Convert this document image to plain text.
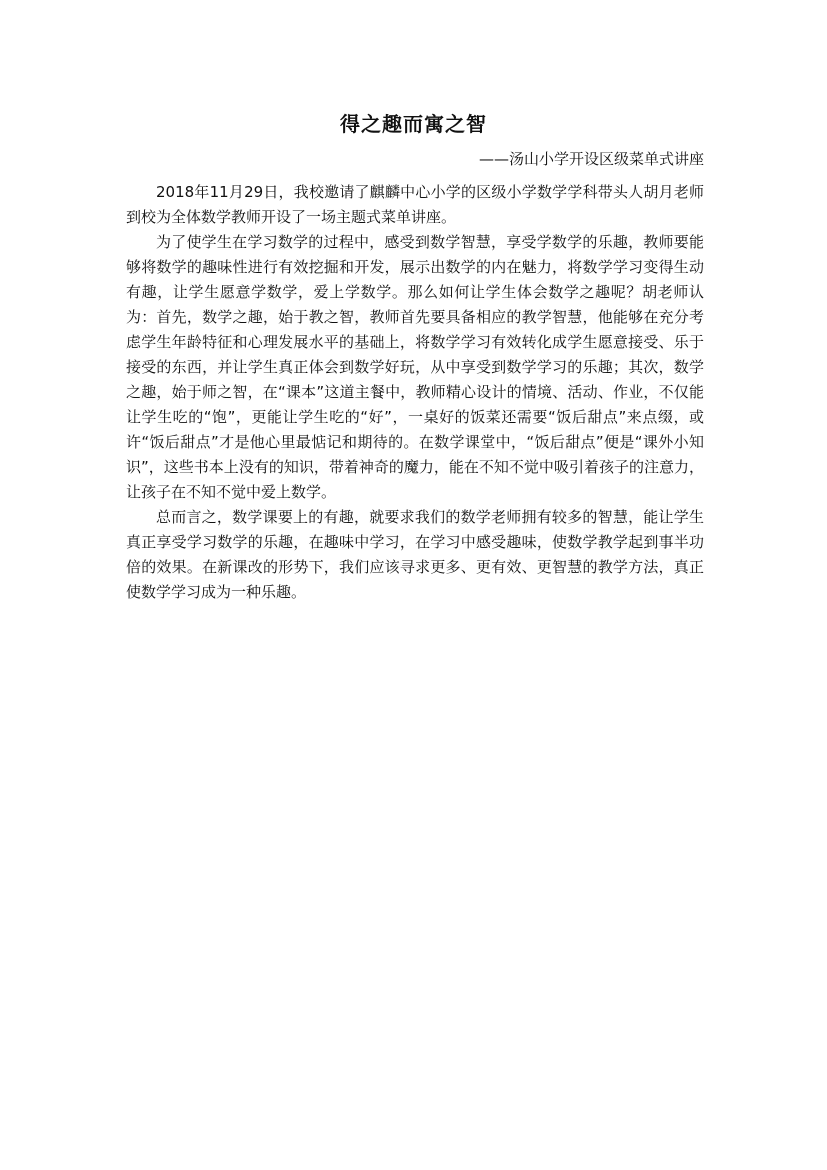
得之趣而寓之智

——汤山小学开设区级菜单式讲座

2018年11月29日，我校邀请了麒麟中心小学的区级小学数学学科带头人胡月老师到校为全体数学教师开设了一场主题式菜单讲座。

为了使学生在学习数学的过程中，感受到数学智慧，享受学数学的乐趣，教师要能够将数学的趣味性进行有效挖掘和开发，展示出数学的内在魅力，将数学学习变得生动有趣，让学生愿意学数学，爱上学数学。那么如何让学生体会数学之趣呢？胡老师认为：首先，数学之趣，始于教之智，教师首先要具备相应的教学智慧，他能够在充分考虑学生年龄特征和心理发展水平的基础上，将数学学习有效转化成学生愿意接受、乐于接受的东西，并让学生真正体会到数学好玩，从中享受到数学学习的乐趣；其次，数学之趣，始于师之智，在“课本”这道主餐中，教师精心设计的情境、活动、作业，不仅能让学生吃的“饱”，更能让学生吃的“好”，一桌好的饭菜还需要“饭后甜点”来点缀，或许“饭后甜点”才是他心里最惦记和期待的。在数学课堂中，“饭后甜点”便是“课外小知识”，这些书本上没有的知识，带着神奇的魔力，能在不知不觉中吸引着孩子的注意力，让孩子在不知不觉中爱上数学。

总而言之，数学课要上的有趣，就要求我们的数学老师拥有较多的智慧，能让学生真正享受学习数学的乐趣，在趣味中学习，在学习中感受趣味，使数学教学起到事半功倍的效果。在新课改的形势下，我们应该寻求更多、更有效、更智慧的教学方法，真正使数学学习成为一种乐趣。
